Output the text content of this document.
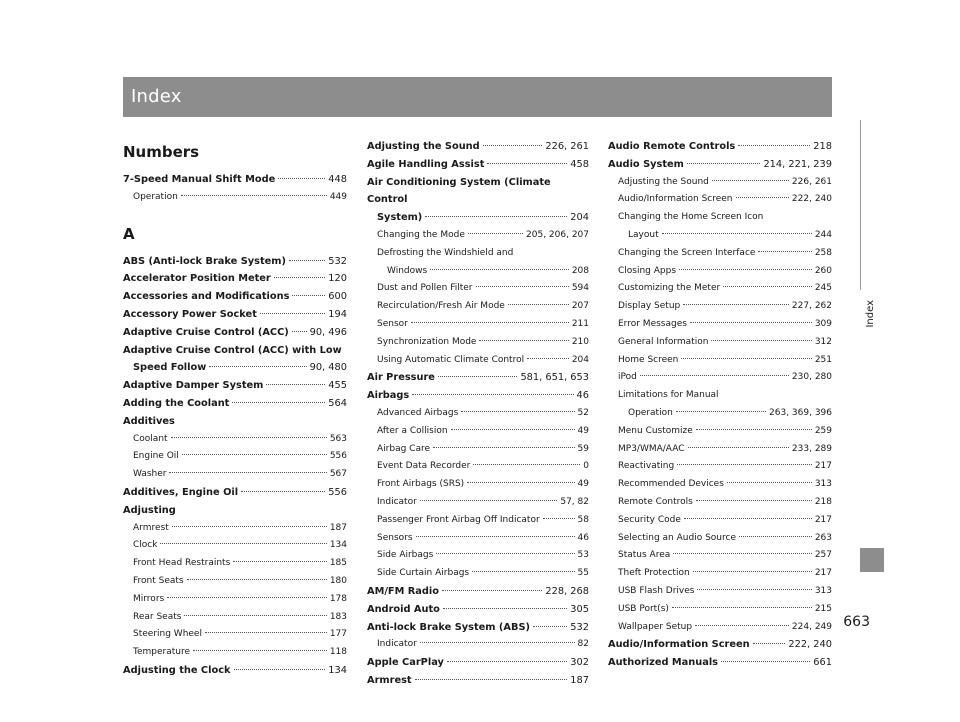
Index
Index
663
Numbers
7-Speed Manual Shift Mode	448
Operation	449
A
ABS (Anti-lock Brake System)	532
Accelerator Position Meter	120
Accessories and Modifications	600
Accessory Power Socket	194
Adaptive Cruise Control (ACC) 90, 496
Adaptive Cruise Control (ACC) with Low
Speed Follow	90, 480
Adaptive Damper System	455
Adding the Coolant	564
Additives
Coolant	563
Engine Oil	556
Washer	567
Additives, Engine Oil	556
Adjusting
Armrest	187
Clock	134
Front Head Restraints	185
Front Seats	180
Mirrors	178
Rear Seats	183
Steering Wheel	177
Temperature	118
Adjusting the Clock	134
Adjusting the Sound	226, 261
Agile Handling Assist	458
Air Conditioning System (Climate Control
System)	204
Changing the Mode	205, 206, 207
Defrosting the Windshield and
Windows	208
Dust and Pollen Filter	594
Recirculation/Fresh Air Mode	207
Sensor	211
Synchronization Mode	210
Using Automatic Climate Control	204
Air Pressure	581, 651, 653
Airbags	46
Advanced Airbags	52
After a Collision	49
Airbag Care	59
Event Data Recorder	0
Front Airbags (SRS)	49
Indicator	57, 82
Passenger Front Airbag Off Indicator	58
Sensors	46
Side Airbags	53
Side Curtain Airbags	55
AM/FM Radio	228, 268
Android Auto	305
Anti-lock Brake System (ABS)	532
Indicator	82
Apple CarPlay	302
Armrest	187
Audio Remote Controls	218
Audio System	214, 221, 239
Adjusting the Sound	226, 261
Audio/Information Screen	222, 240
Changing the Home Screen Icon
Layout	244
Changing the Screen Interface	258
Closing Apps	260
Customizing the Meter	245
Display Setup	227, 262
Error Messages	309
General Information	312
Home Screen	251
iPod	230, 280
Limitations for Manual
Operation	263, 369, 396
Menu Customize	259
MP3/WMA/AAC	233, 289
Reactivating	217
Recommended Devices	313
Remote Controls	218
Security Code	217
Selecting an Audio Source	263
Status Area	257
Theft Protection	217
USB Flash Drives	313
USB Port(s)	215
Wallpaper Setup	224, 249
Audio/Information Screen	222, 240
Authorized Manuals	661
